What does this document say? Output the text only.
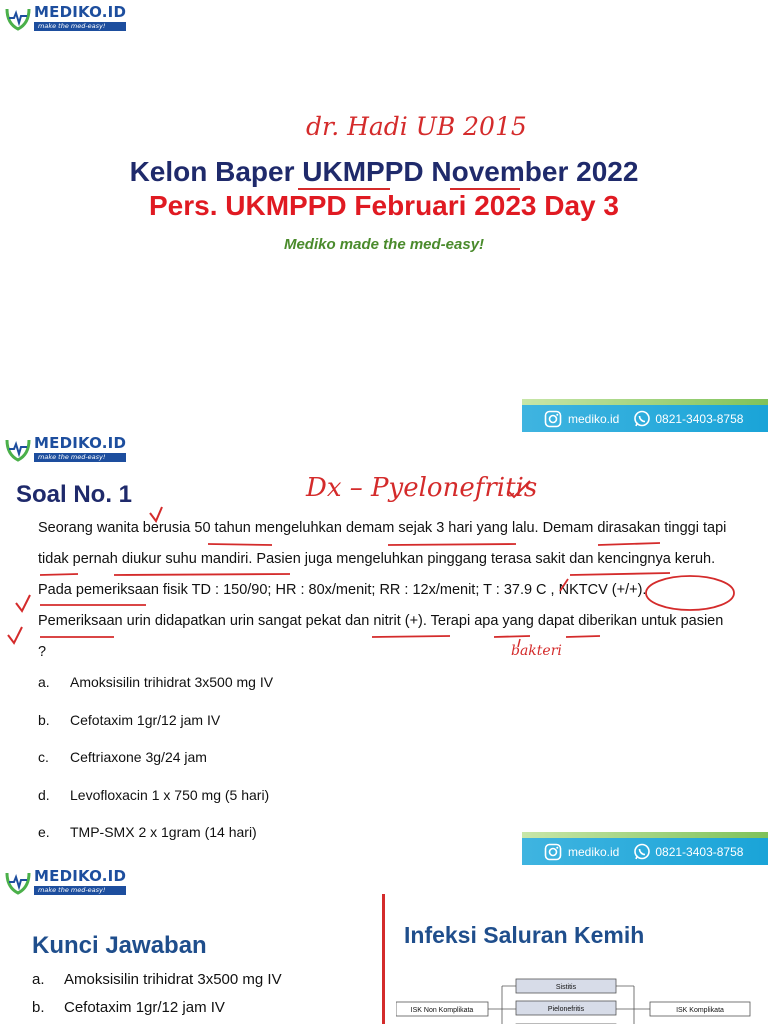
MEDIKO.ID
make the med-easy!
dr. Hadi UB 2015
Kelon Baper UKMPPD November 2022
Pers. UKMPPD Februari 2023 Day 3
Mediko made the med-easy!
mediko.id	0821-3403-8758
MEDIKO.ID
make the med-easy!
Soal No. 1	Dx – Pyelonefritis

Seorang wanita berusia 50 tahun mengeluhkan demam sejak 3 hari yang lalu. Demam dirasakan tinggi tapi tidak pernah diukur suhu mandiri. Pasien juga mengeluhkan pinggang terasa sakit dan kencingnya keruh. Pada pemeriksaan fisik TD : 150/90; HR : 80x/menit; RR : 12x/menit; T : 37.9 C , NKTCV (+/+). Pemeriksaan urin didapatkan urin sangat pekat dan nitrit (+). Terapi apa yang dapat diberikan untuk pasien ?	bakteri
a.	Amoksisilin trihidrat 3x500 mg IV
b.	Cefotaxim 1gr/12 jam IV
c.	Ceftriaxone 3g/24 jam
d.	Levofloxacin 1 x 750 mg (5 hari)
e.	TMP-SMX 2 x 1gram (14 hari)
mediko.id	0821-3403-8758
MEDIKO.ID
make the med-easy!
Kunci Jawaban
a.	Amoksisilin trihidrat 3x500 mg IV
b.	Cefotaxim 1gr/12 jam IV
Infeksi Saluran Kemih
Sistitis
Pielonefritis
ISK Non Komplikata	ISK Komplikata
